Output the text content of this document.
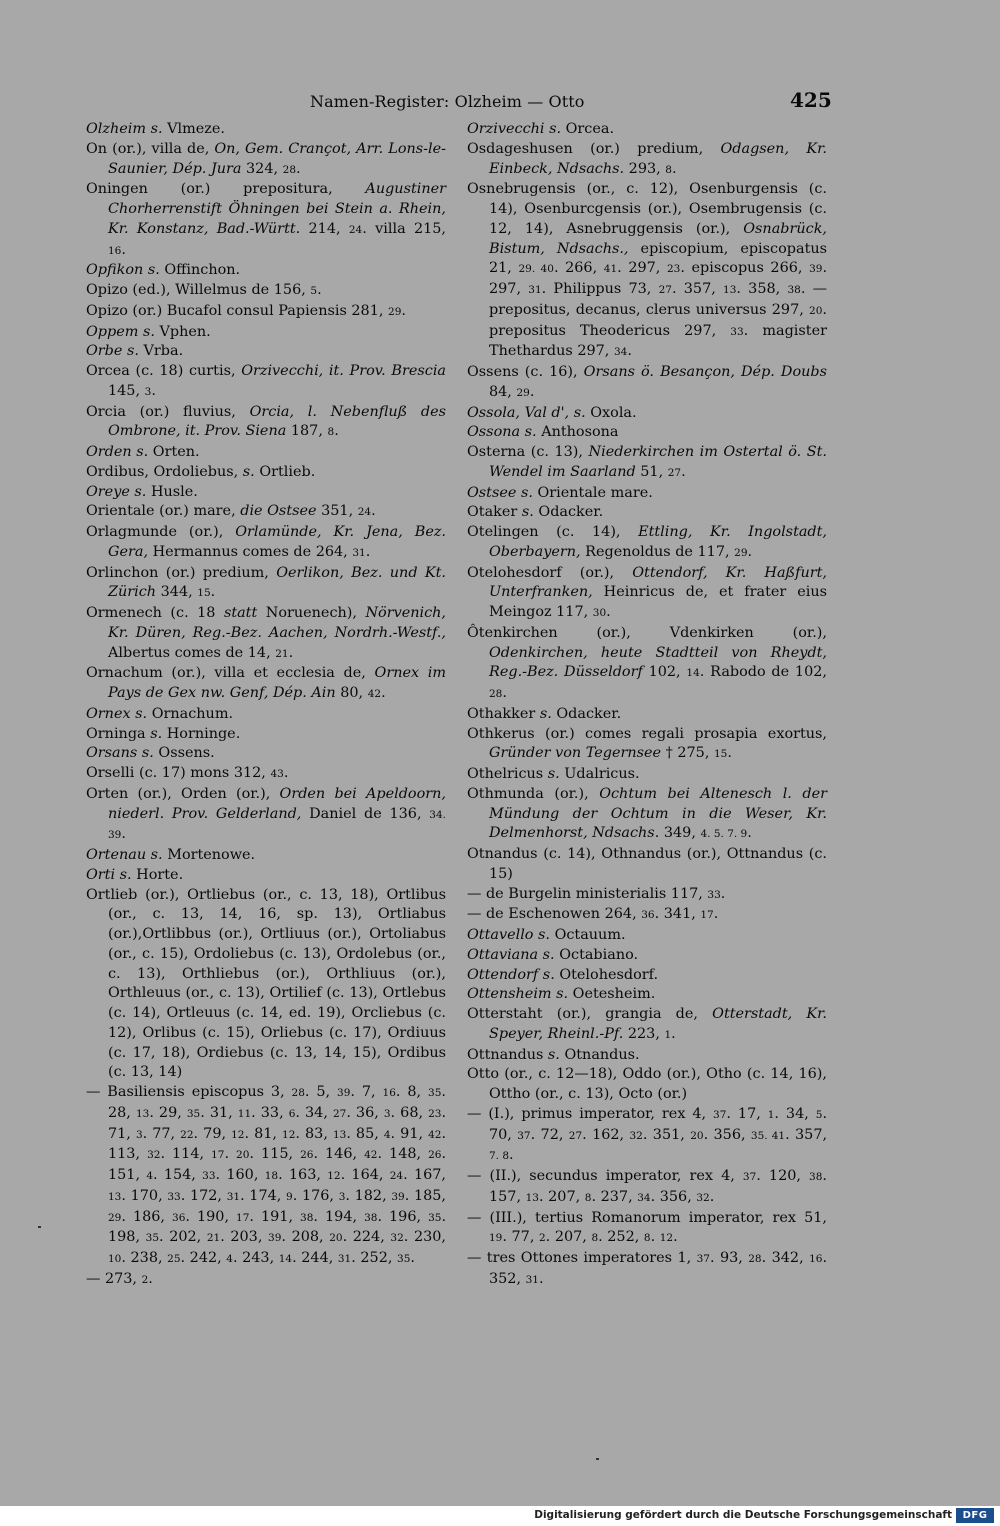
Namen-Register: Olzheim — Otto	425
Olzheim s. Vlmeze.
On (or.), villa de, On, Gem. Crançot, Arr. Lons-le-Saunier, Dép. Jura 324, 28.
Oningen (or.) prepositura, Augustiner Chorherrenstift Öhningen bei Stein a. Rhein, Kr. Konstanz, Bad.-Württ. 214, 24. villa 215, 16.
Opfikon s. Offinchon.
Opizo (ed.), Willelmus de 156, 5.
Opizo (or.) Bucafol consul Papiensis 281, 29.
Oppem s. Vphen.
Orbe s. Vrba.
Orcea (c. 18) curtis, Orzivecchi, it. Prov. Brescia 145, 3.
Orcia (or.) fluvius, Orcia, l. Nebenfluß des Ombrone, it. Prov. Siena 187, 8.
Orden s. Orten.
Ordibus, Ordoliebus, s. Ortlieb.
Oreye s. Husle.
Orientale (or.) mare, die Ostsee 351, 24.
Orlagmunde (or.), Orlamünde, Kr. Jena, Bez. Gera, Hermannus comes de 264, 31.
Orlinchon (or.) predium, Oerlikon, Bez. und Kt. Zürich 344, 15.
Ormenech (c. 18 statt Noruenech), Nörvenich, Kr. Düren, Reg.-Bez. Aachen, Nordrh.-Westf., Albertus comes de 14, 21.
Ornachum (or.), villa et ecclesia de, Ornex im Pays de Gex nw. Genf, Dép. Ain 80, 42.
Ornex s. Ornachum.
Orninga s. Horninge.
Orsans s. Ossens.
Orselli (c. 17) mons 312, 43.
Orten (or.), Orden (or.), Orden bei Apeldoorn, niederl. Prov. Gelderland, Daniel de 136, 34. 39.
Ortenau s. Mortenowe.
Orti s. Horte.
Ortlieb (or.), Ortliebus (or., c. 13, 18), Ortlibus (or., c. 13, 14, 16, sp. 13), Ortliabus (or.),Ortlibbus (or.), Ortliuus (or.), Ortoliabus (or., c. 15), Ordoliebus (c. 13), Ordolebus (or., c. 13), Orthliebus (or.), Orthliuus (or.), Orthleuus (or., c. 13), Ortilief (c. 13), Ortlebus (c. 14), Ortleuus (c. 14, ed. 19), Orcliebus (c. 12), Orlibus (c. 15), Orliebus (c. 17), Ordiuus (c. 17, 18), Ordiebus (c. 13, 14, 15), Ordibus (c. 13, 14)
— Basiliensis episcopus 3, 28. 5, 39. 7, 16. 8, 35. 28, 13. 29, 35. 31, 11. 33, 6. 34, 27. 36, 3. 68, 23. 71, 3. 77, 22. 79, 12. 81, 12. 83, 13. 85, 4. 91, 42. 113, 32. 114, 17. 20. 115, 26. 146, 42. 148, 26. 151, 4. 154, 33. 160, 18. 163, 12. 164, 24. 167, 13. 170, 33. 172, 31. 174, 9. 176, 3. 182, 39. 185, 29. 186, 36. 190, 17. 191, 38. 194, 38. 196, 35. 198, 35. 202, 21. 203, 39. 208, 20. 224, 32. 230, 10. 238, 25. 242, 4. 243, 14. 244, 31. 252, 35.
— 273, 2.
Orzivecchi s. Orcea.
Osdageshusen (or.) predium, Odagsen, Kr. Einbeck, Ndsachs. 293, 8.
Osnebrugensis (or., c. 12), Osenburgensis (c. 14), Osenburcgensis (or.), Osembrugensis (c. 12, 14), Asnebruggensis (or.), Osnabrück, Bistum, Ndsachs., episcopium, episcopatus 21, 29. 40. 266, 41. 297, 23. episcopus 266, 39. 297, 31. Philippus 73, 27. 357, 13. 358, 38. — prepositus, decanus, clerus universus 297, 20. prepositus Theodericus 297, 33. magister Thethardus 297, 34.
Ossens (c. 16), Orsans ö. Besançon, Dép. Doubs 84, 29.
Ossola, Val d', s. Oxola.
Ossona s. Anthosona
Osterna (c. 13), Niederkirchen im Ostertal ö. St. Wendel im Saarland 51, 27.
Ostsee s. Orientale mare.
Otaker s. Odacker.
Otelingen (c. 14), Ettling, Kr. Ingolstadt, Oberbayern, Regenoldus de 117, 29.
Otelohesdorf (or.), Ottendorf, Kr. Haßfurt, Unterfranken, Heinricus de, et frater eius Meingoz 117, 30.
Ôtenkirchen (or.), Vdenkirken (or.), Odenkirchen, heute Stadtteil von Rheydt, Reg.-Bez. Düsseldorf 102, 14. Rabodo de 102, 28.
Othakker s. Odacker.
Othkerus (or.) comes regali prosapia exortus, Gründer von Tegernsee † 275, 15.
Othelricus s. Udalricus.
Othmunda (or.), Ochtum bei Altenesch l. der Mündung der Ochtum in die Weser, Kr. Delmenhorst, Ndsachs. 349, 4. 5. 7. 9.
Otnandus (c. 14), Othnandus (or.), Ottnandus (c. 15)
— de Burgelin ministerialis 117, 33.
— de Eschenowen 264, 36. 341, 17.
Ottavello s. Octauum.
Ottaviana s. Octabiano.
Ottendorf s. Otelohesdorf.
Ottensheim s. Oetesheim.
Otterstaht (or.), grangia de, Otterstadt, Kr. Speyer, Rheinl.-Pf. 223, 1.
Ottnandus s. Otnandus.
Otto (or., c. 12—18), Oddo (or.), Otho (c. 14, 16), Ottho (or., c. 13), Octo (or.)
— (I.), primus imperator, rex 4, 37. 17, 1. 34, 5. 70, 37. 72, 27. 162, 32. 351, 20. 356, 35. 41. 357, 7. 8.
— (II.), secundus imperator, rex 4, 37. 120, 38. 157, 13. 207, 8. 237, 34. 356, 32.
— (III.), tertius Romanorum imperator, rex 51, 19. 77, 2. 207, 8. 252, 8. 12.
— tres Ottones imperatores 1, 37. 93, 28. 342, 16. 352, 31.
Digitalisierung gefördert durch die Deutsche Forschungsgemeinschaft	DFG
